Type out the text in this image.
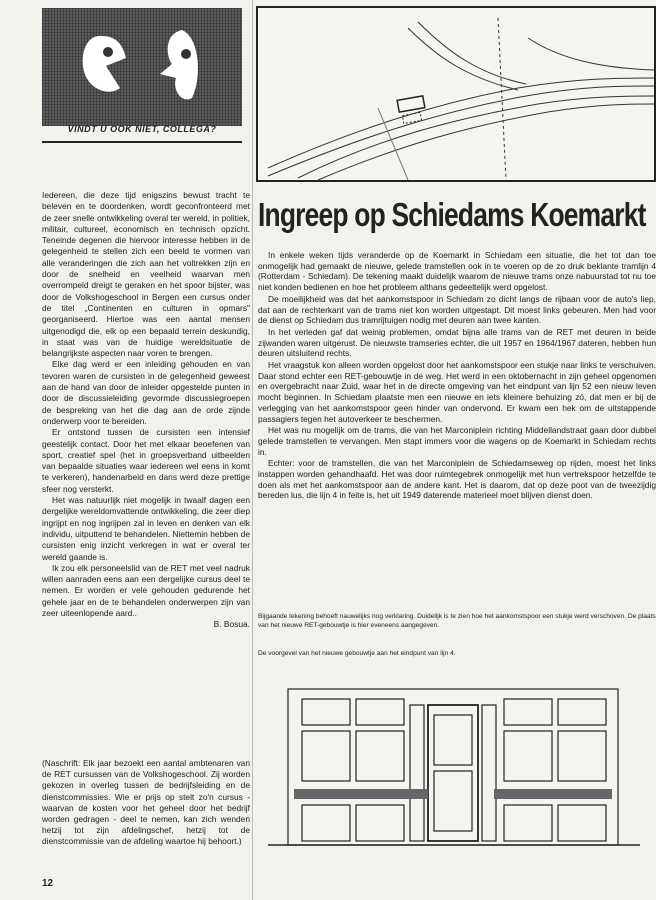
VINDT U OOK NIET, COLLEGA?

Iedereen, die deze tijd enigszins bewust tracht te beleven en te doordenken, wordt geconfronteerd met de zeer snelle ontwikkeling overal ter wereld, in politiek, militair, cultureel, economisch en technisch opzicht. Teneinde degenen die hiervoor interesse hebben in de gelegenheid te stellen zich een beeld te vormen van alle veranderingen die zich aan het voltrekken zijn en door de snelheid en veelheid waarvan men overrompeld dreigt te geraken en het spoor bijster, was door de Volkshogeschool in Bergen een cursus onder de titel „Continenten en culturen in opmars" georganiseerd. Hiertoe was een aantal mensen uitgenodigd die, elk op een bepaald terrein deskundig, in staat was van de huidige wereldsituatie de belangrijkste aspecten naar voren te brengen.

Elke dag werd er een inleiding gehouden en van tevoren waren de cursisten in de gelegenheid geweest aan de hand van door de inleider opgestelde punten in door de discussieleiding gevormde discussiegroepen de bespreking van het die dag aan de orde zijnde onderwerp voor te bereiden.

Er ontstond tussen de cursisten een intensief geestelijk contact. Door het met elkaar beoefenen van sport, creatief spel (het in groepsverband uitbeelden van bepaalde situaties waar iedereen wel eens in komt te verkeren), handenarbeid en dans werd deze prettige sfeer nog versterkt.

Het was natuurlijk niet mogelijk in twaalf dagen een dergelijke wereldomvattende ontwikkeling, die zeer diep ingrijpt en nog ingrijpen zal in leven en denken van elk individu, uitputtend te behandelen. Niettemin hebben de cursisten enig inzicht verkregen in wat er overal ter wereld gaande is.

Ik zou elk personeelslid van de RET met veel nadruk willen aanraden eens aan een dergelijke cursus deel te nemen. Er worden er vele gehouden gedurende het gehele jaar en de te behandelen onderwerpen zijn van zeer uiteenlopende aard..

B. Bosua.

(Naschrift: Elk jaar bezoekt een aantal ambtenaren van de RET cursussen van de Volkshogeschool. Zij worden gekozen in overleg tussen de bedrijfsleiding en de dienstcommissies. Wie er prijs op stelt zo'n cursus - waarvan de kosten voor het geheel door het bedrijf worden gedragen - deel te nemen, kan zich wenden hetzij tot zijn afdelingschef, hetzij tot de dienstcommissie van de afdeling waartoe hij behoort.)

12
Ingreep op Schiedams Koemarkt

In enkele weken tijds veranderde op de Koemarkt in Schiedam een situatie, die het tot dan toe onmogelijk had gemaakt de nieuwe, gelede tramstellen ook in te voeren op de zo druk beklante tramlijn 4 (Rotterdam - Schiedam). De tekening maakt duidelijk waarom de nieuwe trams onze nabuurstad tot nu toe niet konden bedienen en hoe het probleem althans gedeeltelijk werd opgelost.

De moeilijkheid was dat het aankomstspoor in Schiedam zo dicht langs de rijbaan voor de auto's liep, dat aan de rechterkant van de trams niet kon worden uitgestapt. Dit moest links gebeuren. Men had voor de dienst op Schiedam dus tramrijtuigen nodig met deuren aan twee kanten.

In het verleden gaf dat weinig problemen, omdat bijna alle trams van de RET met deuren in beide zijwanden waren uitgerust. De nieuwste tramseries echter, die uit 1957 en 1964/1967 dateren, hebben hun deuren uitsluitend rechts.

Het vraagstuk kon alleen worden opgelost door het aankomstspoor een stukje naar links te verschuiven. Daar stond echter een RET-gebouwtje in de weg. Het werd in een oktobernacht in zijn geheel opgenomen en overgebracht naar Zuid, waar het in de directe omgeving van het eindpunt van lijn 52 een nieuw leven mocht beginnen. In Schiedam plaatste men een nieuwe en iets kleinere behuizing zó, dat men er bij de verlegging van het aankomstspoor geen hinder van ondervond. Er kwam een hek om de uitstappende passagiers tegen het autoverkeer te beschermen.

Het was nu mogelijk om de trams, die van het Marconiplein richting Middellandstraat gaan door dubbel gelede tramstellen te vervangen. Men stapt immers voor die wagens op de Koemarkt in Schiedam rechts in.

Echter: voor de tramstellen, die van het Marconiplein de Schiedamseweg op rijden, moest het links instappen worden gehandhaafd. Het was door ruimtegebrek onmogelijk met hun vertrekspoor hetzelfde te doen als met het aankomstspoor aan de andere kant. Het is daarom, dat op deze poot van de tweezijdig bereden lus, die lijn 4 in feite is, het uit 1949 daterende materieel moet blijven dienst doen.

Bijgaande tekening behoeft nauwelijks nog verklaring. Duidelijk is te zien hoe het aankomstspoor een stukje werd verschoven. De plaats van het nieuwe RET-gebouwtje is hier eveneens aangegeven.
De voorgevel van het nieuwe gebouwtje aan het eindpunt van lijn 4.
